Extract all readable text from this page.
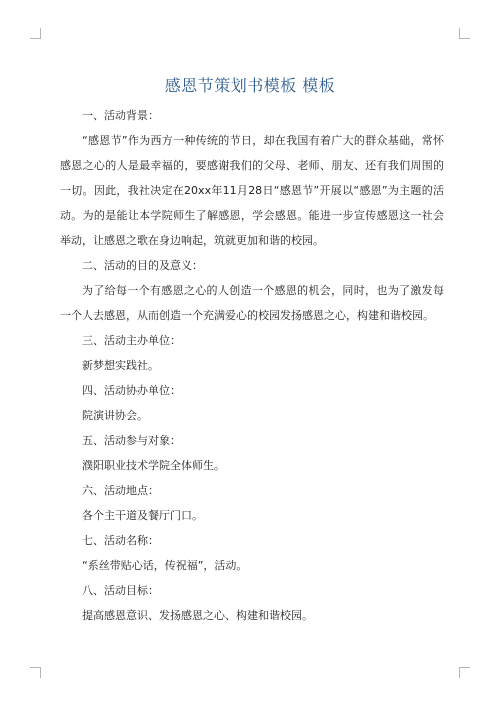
感恩节策划书模板 模板

一、活动背景：

“感恩节”作为西方一种传统的节日，却在我国有着广大的群众基础，常怀感恩之心的人是最幸福的，要感谢我们的父母、老师、朋友、还有我们周围的一切。因此，我社决定在20xx年11月28日“感恩节”开展以“感恩”为主题的活动。为的是能让本学院师生了解感恩，学会感恩。能进一步宣传感恩这一社会举动，让感恩之歌在身边响起，筑就更加和谐的校园。

二、活动的目的及意义：

为了给每一个有感恩之心的人创造一个感恩的机会，同时，也为了激发每一个人去感恩，从而创造一个充满爱心的校园发扬感恩之心，构建和谐校园。

三、活动主办单位：

新梦想实践社。

四、活动协办单位：

院演讲协会。

五、活动参与对象：

濮阳职业技术学院全体师生。

六、活动地点：

各个主干道及餐厅门口。

七、活动名称：

“系丝带贴心话，传祝福”，活动。

八、活动目标：

提高感恩意识、发扬感恩之心、构建和谐校园。
